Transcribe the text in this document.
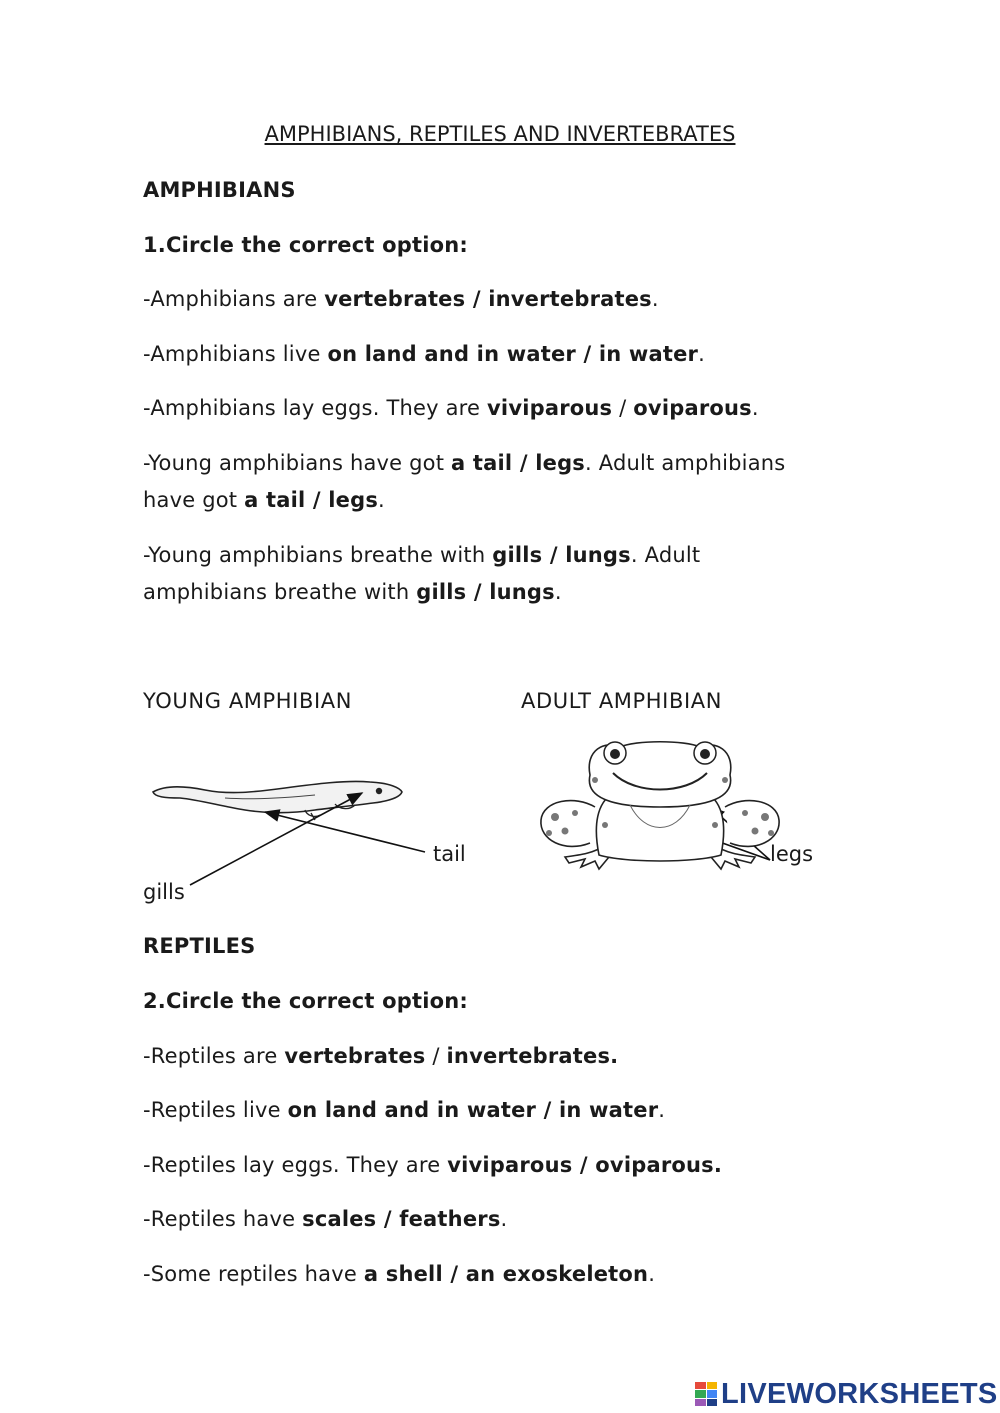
AMPHIBIANS, REPTILES AND INVERTEBRATES
AMPHIBIANS
1.Circle the correct option:
-Amphibians are vertebrates / invertebrates.
-Amphibians live on land and in water / in water.
-Amphibians lay eggs. They are viviparous / oviparous.
-Young amphibians have got a tail / legs. Adult amphibians
have got a tail / legs.
-Young amphibians breathe with gills / lungs. Adult
amphibians breathe with gills / lungs.
YOUNG AMPHIBIAN	ADULT AMPHIBIAN
tail
gills
legs
REPTILES
2.Circle the correct option:
-Reptiles are vertebrates / invertebrates.
-Reptiles live on land and in water / in water.
-Reptiles lay eggs. They are viviparous / oviparous.
-Reptiles have scales / feathers.
-Some reptiles have a shell / an exoskeleton.
LIVEWORKSHEETS
